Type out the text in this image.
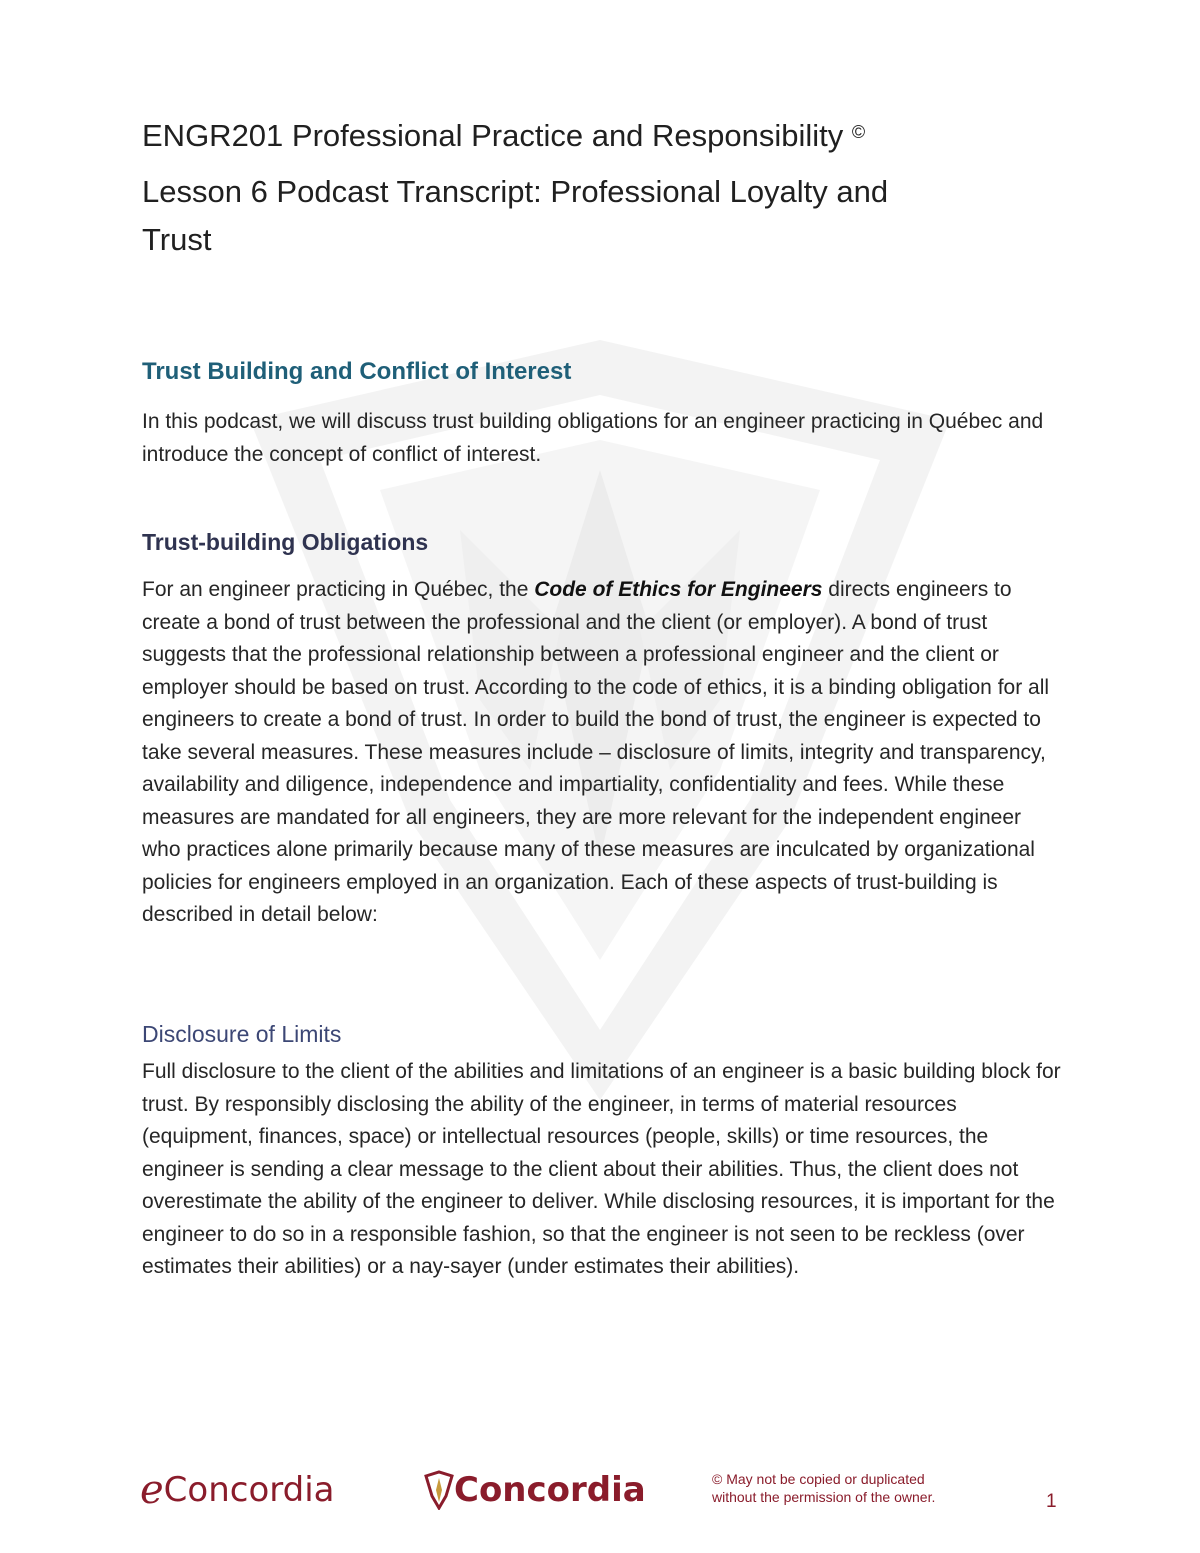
ENGR201 Professional Practice and Responsibility ©
Lesson 6 Podcast Transcript: Professional Loyalty and
Trust
Trust Building and Conflict of Interest

In this podcast, we will discuss trust building obligations for an engineer practicing in Québec and introduce the concept of conflict of interest.

Trust-building Obligations

For an engineer practicing in Québec, the Code of Ethics for Engineers directs engineers to create a bond of trust between the professional and the client (or employer). A bond of trust suggests that the professional relationship between a professional engineer and the client or employer should be based on trust. According to the code of ethics, it is a binding obligation for all engineers to create a bond of trust. In order to build the bond of trust, the engineer is expected to take several measures. These measures include – disclosure of limits, integrity and transparency, availability and diligence, independence and impartiality, confidentiality and fees. While these measures are mandated for all engineers, they are more relevant for the independent engineer who practices alone primarily because many of these measures are inculcated by organizational policies for engineers employed in an organization. Each of these aspects of trust-building is described in detail below:

Disclosure of Limits

Full disclosure to the client of the abilities and limitations of an engineer is a basic building block for trust. By responsibly disclosing the ability of the engineer, in terms of material resources (equipment, finances, space) or intellectual resources (people, skills) or time resources, the engineer is sending a clear message to the client about their abilities. Thus, the client does not overestimate the ability of the engineer to deliver. While disclosing resources, it is important for the engineer to do so in a responsible fashion, so that the engineer is not seen to be reckless (over estimates their abilities) or a nay-sayer (under estimates their abilities).

e Concordia	Concordia	© May not be copied or duplicated
without the permission of the owner.	1
